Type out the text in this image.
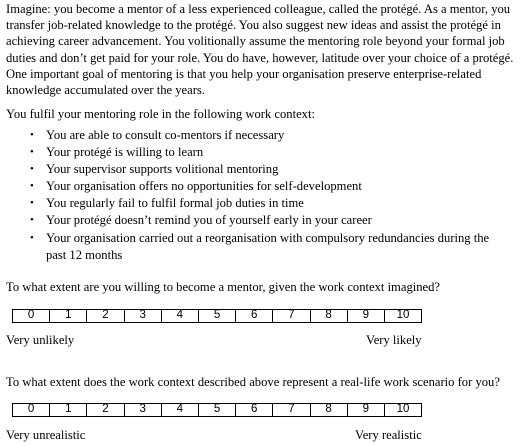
Imagine: you become a mentor of a less experienced colleague, called the protégé. As a mentor, you transfer job-related knowledge to the protégé. You also suggest new ideas and assist the protégé in achieving career advancement. You volitionally assume the mentoring role beyond your formal job duties and don’t get paid for your role. You do have, however, latitude over your choice of a protégé. One important goal of mentoring is that you help your organisation preserve enterprise-related knowledge accumulated over the years.

You fulfil your mentoring role in the following work context:

• You are able to consult co-mentors if necessary
• Your protégé is willing to learn
• Your supervisor supports volitional mentoring
• Your organisation offers no opportunities for self-development
• You regularly fail to fulfil formal job duties in time
• Your protégé doesn’t remind you of yourself early in your career
• Your organisation carried out a reorganisation with compulsory redundancies during the past 12 months

To what extent are you willing to become a mentor, given the work context imagined?

0	1	2	3	4	5	6	7	8	9	10

Very unlikely	Very likely

To what extent does the work context described above represent a real-life work scenario for you?

0	1	2	3	4	5	6	7	8	9	10

Very unrealistic	Very realistic
